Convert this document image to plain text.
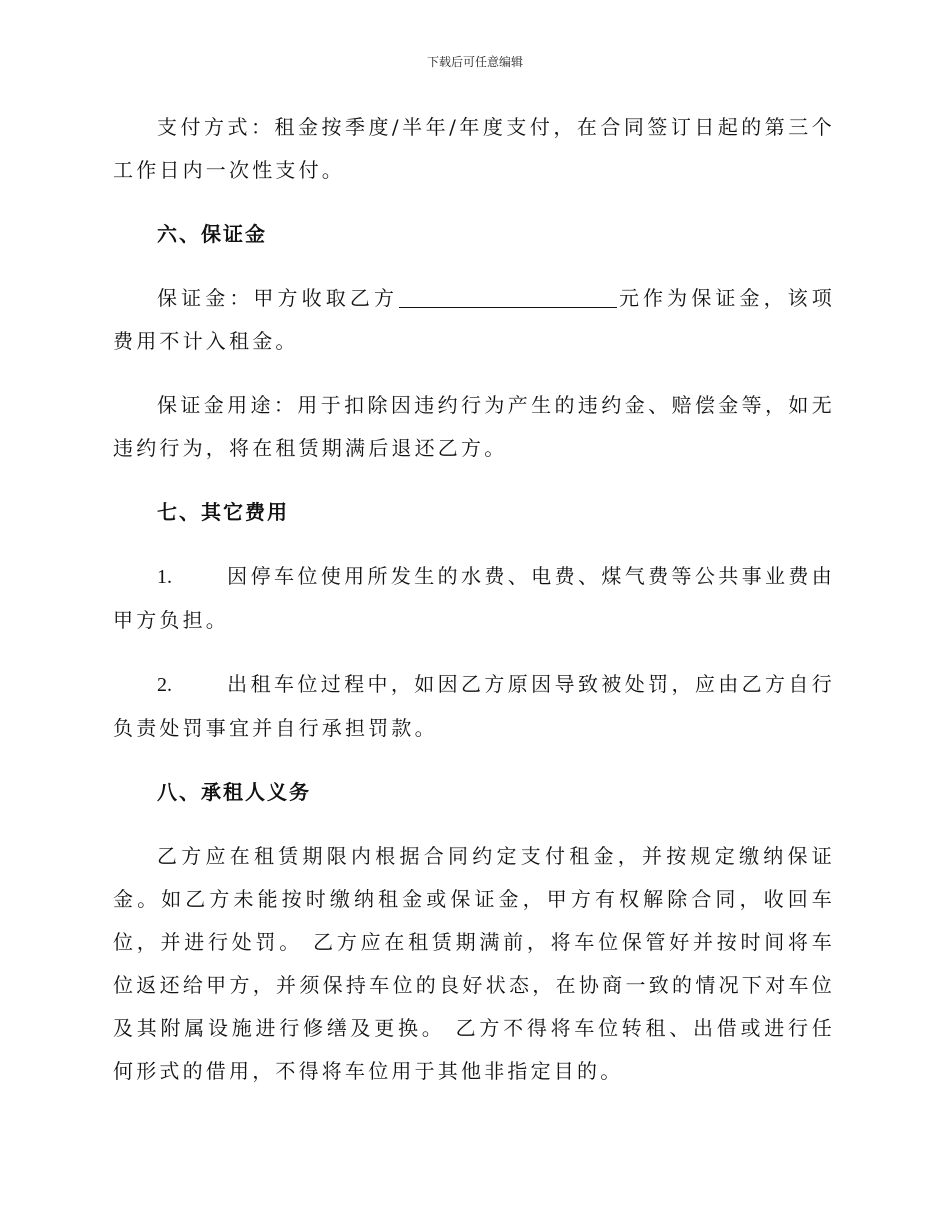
下载后可任意编辑

支付方式：租金按季度/半年/年度支付，在合同签订日起的第三个工作日内一次性支付。

六、保证金

保证金：甲方收取乙方	元作为保证金，该项费用不计入租金。

保证金用途：用于扣除因违约行为产生的违约金、赔偿金等，如无违约行为，将在租赁期满后退还乙方。

七、其它费用

1.	因停车位使用所发生的水费、电费、煤气费等公共事业费由甲方负担。

2.	出租车位过程中，如因乙方原因导致被处罚，应由乙方自行负责处罚事宜并自行承担罚款。

八、承租人义务

乙方应在租赁期限内根据合同约定支付租金，并按规定缴纳保证金。如乙方未能按时缴纳租金或保证金，甲方有权解除合同，收回车位，并进行处罚。 乙方应在租赁期满前，将车位保管好并按时间将车位返还给甲方，并须保持车位的良好状态，在协商一致的情况下对车位及其附属设施进行修缮及更换。 乙方不得将车位转租、出借或进行任何形式的借用，不得将车位用于其他非指定目的。
